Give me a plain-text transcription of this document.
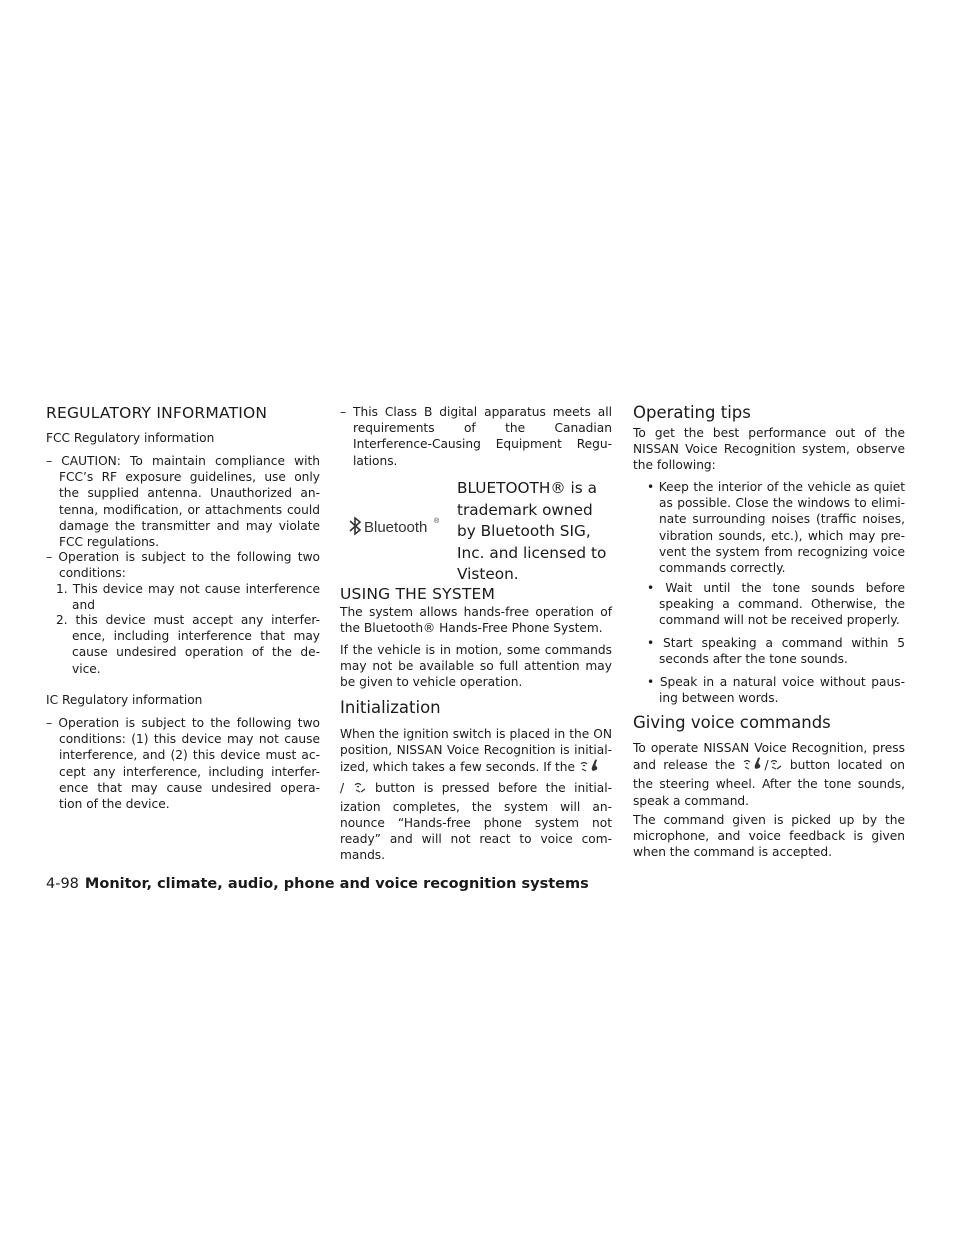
REGULATORY INFORMATION

FCC Regulatory information

– CAUTION: To maintain compliance with FCC’s RF exposure guidelines, use only the supplied antenna. Unauthorized an- tenna, modification, or attachments could damage the transmitter and may violate FCC regulations.

– Operation is subject to the following two conditions:

1. This device may not cause interference and

2. this device must accept any interfer- ence, including interference that may cause undesired operation of the de- vice.

IC Regulatory information

– Operation is subject to the following two conditions: (1) this device may not cause interference, and (2) this device must ac- cept any interference, including interfer- ence that may cause undesired opera- tion of the device.

– This Class B digital apparatus meets all requirements of the Canadian Interference-Causing Equipment Regu- lations.

Bluetooth ®
BLUETOOTH® is a trademark owned by Bluetooth SIG, Inc. and licensed to Visteon.
USING THE SYSTEM

The system allows hands-free operation of the Bluetooth® Hands-Free Phone System.

If the vehicle is in motion, some commands may not be available so full attention may be given to vehicle operation.

Initialization

When the ignition switch is placed in the ON position, NISSAN Voice Recognition is initial- ized, which takes a few seconds. If the
/  button is pressed before the initial- ization completes, the system will an- nounce “Hands-free phone system not ready” and will not react to voice com- mands.

Operating tips

To get the best performance out of the NISSAN Voice Recognition system, observe the following:

• Keep the interior of the vehicle as quiet as possible. Close the windows to elimi- nate surrounding noises (traffic noises, vibration sounds, etc.), which may pre- vent the system from recognizing voice commands correctly.

• Wait until the tone sounds before speaking a command. Otherwise, the command will not be received properly.

• Start speaking a command within 5 seconds after the tone sounds.

• Speak in a natural voice without paus- ing between words.

Giving voice commands

To operate NISSAN Voice Recognition, press and release the / button located on the steering wheel. After the tone sounds, speak a command.

The command given is picked up by the microphone, and voice feedback is given when the command is accepted.

4-98 Monitor, climate, audio, phone and voice recognition systems
